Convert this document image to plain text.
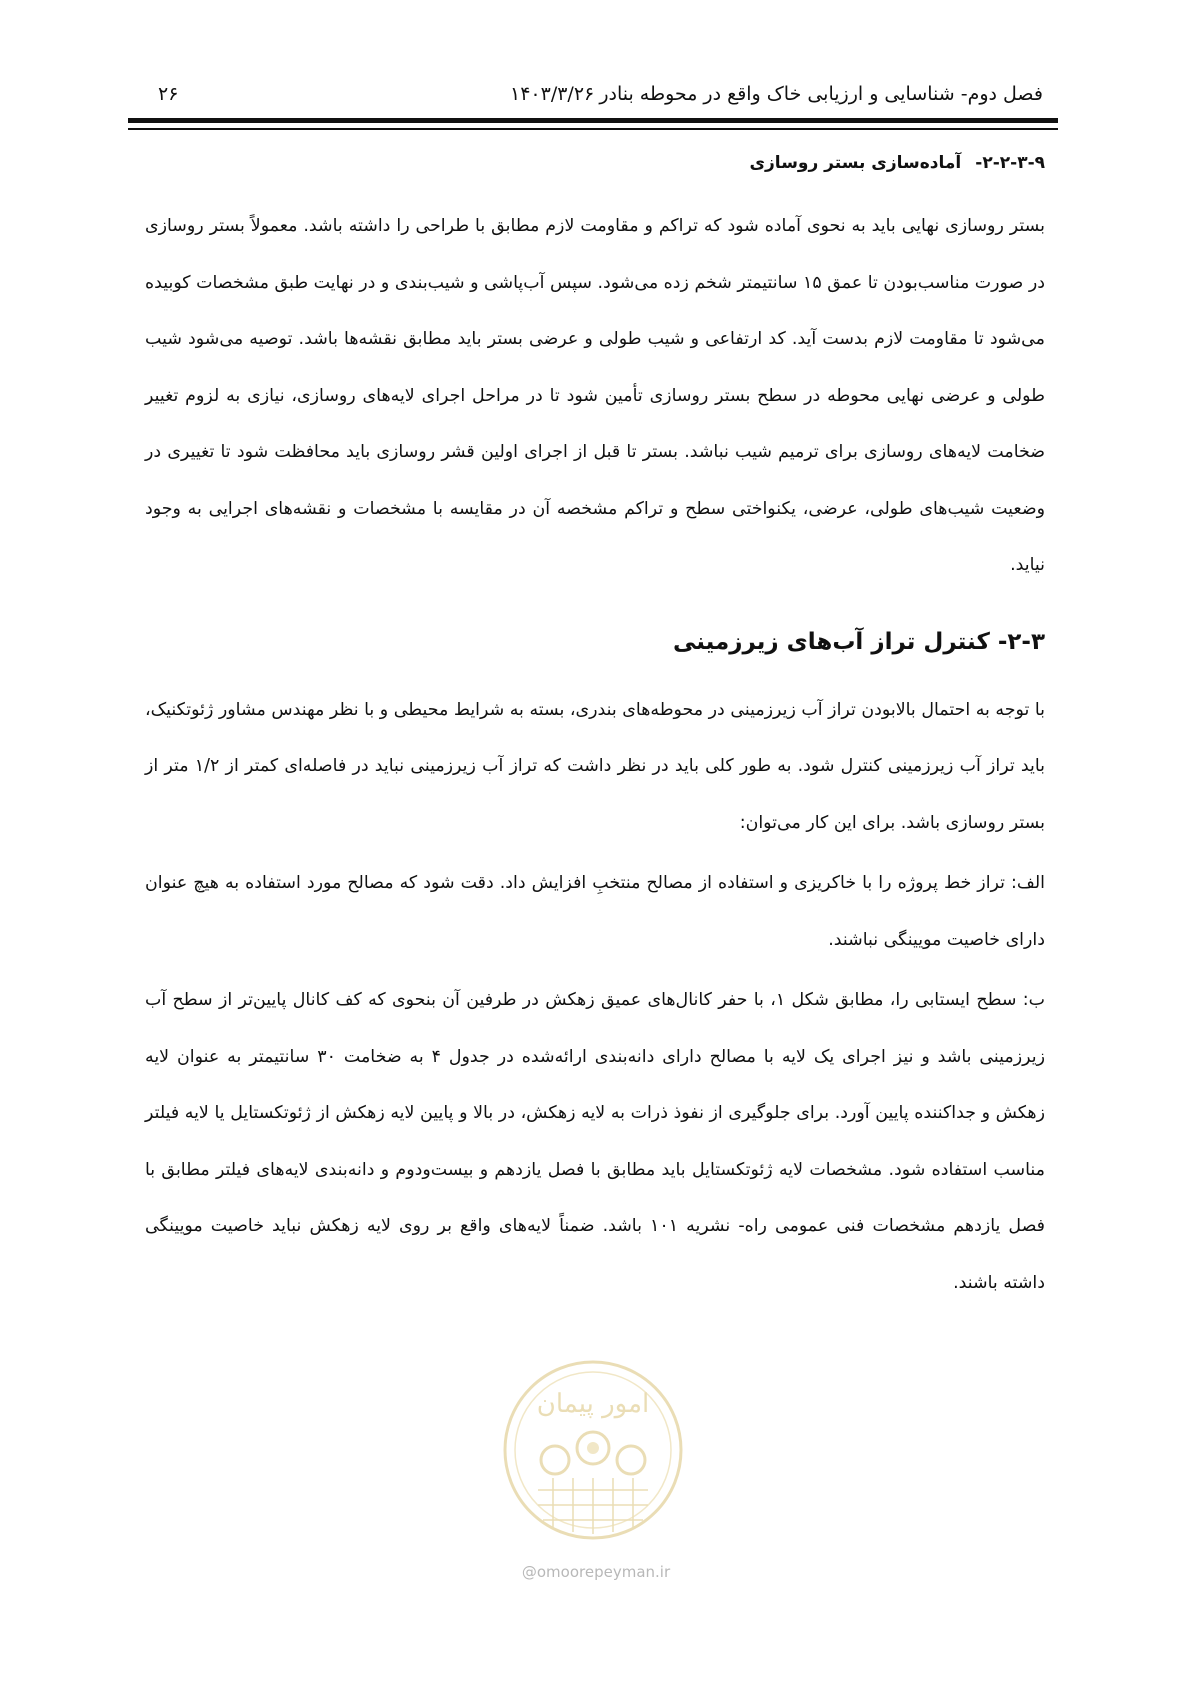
فصل دوم- شناسایی و ارزیابی خاک واقع در محوطه بنادر
۱۴۰۳/۳/۲۶
۲۶
۲-۲-۳-۹-آماده‌سازی بستر روسازی

بستر روسازی نهایی باید به نحوی آماده شود که تراکم و مقاومت لازم مطابق با طراحی را داشته باشد. معمولاً بستر روسازی در صورت مناسب‌بودن تا عمق ۱۵ سانتیمتر شخم زده می‌شود. سپس آب‌پاشی و شیب‌بندی و در نهایت طبق مشخصات کوبیده می‌شود تا مقاومت لازم بدست آید. کد ارتفاعی و شیب طولی و عرضی بستر باید مطابق نقشه‌ها باشد. توصیه می‌شود شیب طولی و عرضی نهایی محوطه در سطح بستر روسازی تأمین شود تا در مراحل اجرای لایه‌های روسازی، نیازی به لزوم تغییر ضخامت لایه‌های روسازی برای ترمیم شیب نباشد. بستر تا قبل از اجرای اولین قشر روسازی باید محافظت شود تا تغییری در وضعیت شیب‌های طولی، عرضی، یکنواختی سطح و تراکم مشخصه آن در مقایسه با مشخصات و نقشه‌های اجرایی به وجود نیاید.

۲-۳-کنترل تراز آب‌های زیرزمینی

با توجه به احتمال بالابودن تراز آب زیرزمینی در محوطه‌های بندری، بسته به شرایط محیطی و با نظر مهندس مشاور ژئوتکنیک، باید تراز آب زیرزمینی کنترل شود. به طور کلی باید در نظر داشت که تراز آب زیرزمینی نباید در فاصله‌ای کمتر از ۱/۲ متر از بستر روسازی باشد. برای این کار می‌توان:

الف: تراز خط پروژه را با خاکریزی و استفاده از مصالح منتخبِ افزایش داد. دقت شود که مصالح مورد استفاده به هیچ عنوان دارای خاصیت مویینگی نباشند.

ب: سطح ایستابی را، مطابق شکل ۱، با حفر کانال‌های عمیق زهکش در طرفین آن بنحوی که کف کانال پایین‌تر از سطح آب زیرزمینی باشد و نیز اجرای یک لایه با مصالح دارای دانه‌بندی ارائه‌شده در جدول ۴ به ضخامت ۳۰ سانتیمتر به عنوان لایه زهکش و جداکننده پایین آورد. برای جلوگیری از نفوذ ذرات به لایه زهکش، در بالا و پایین لایه زهکش از ژئوتکستایل یا لایه فیلتر مناسب استفاده شود. مشخصات لایه ژئوتکستایل باید مطابق با فصل یازدهم و بیست‌ودوم و دانه‌بندی لایه‌های فیلتر مطابق با فصل یازدهم مشخصات فنی عمومی راه- نشریه ۱۰۱ باشد. ضمناً لایه‌های واقع بر روی لایه زهکش نباید خاصیت مویینگی داشته باشند.

امور پیمان
@omoorepeyman.ir
